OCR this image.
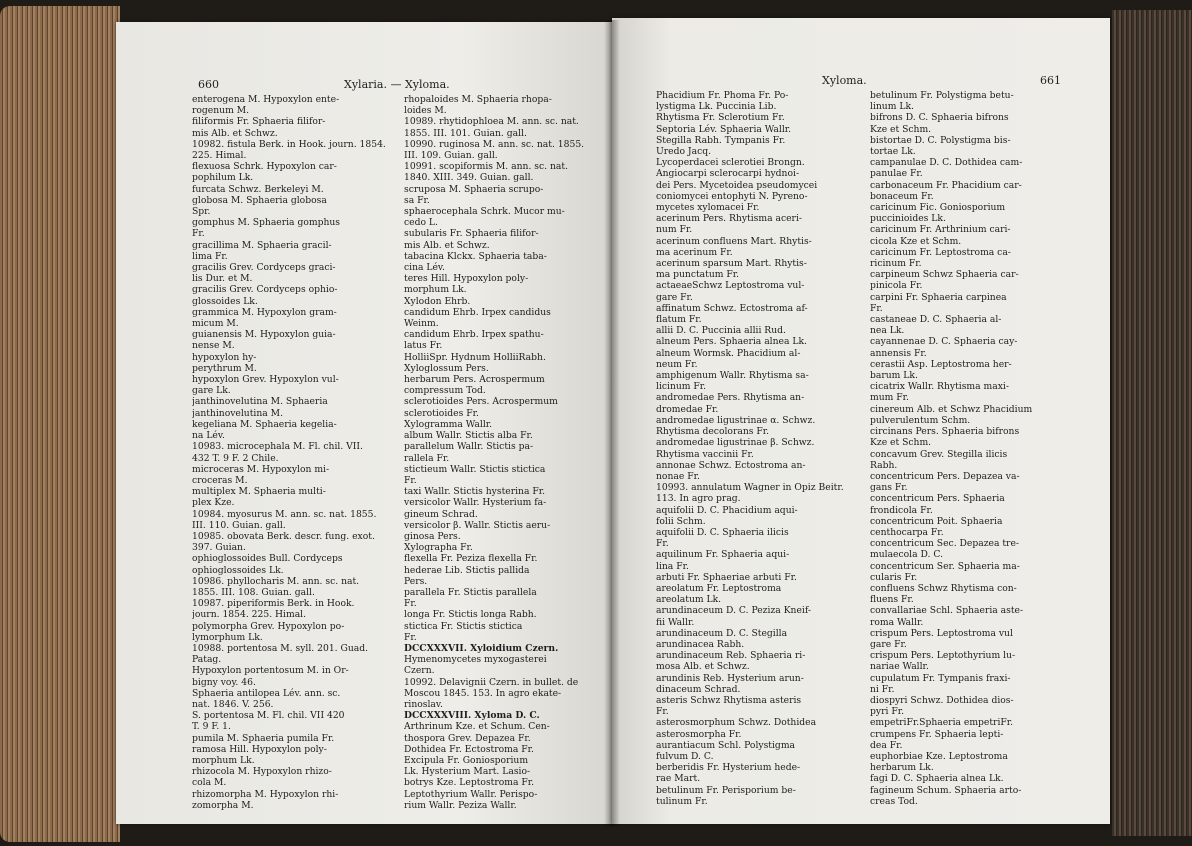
660	Xylaria. — Xyloma.

enterogena M. Hypoxylon ente-

rogenum M.

filiformis Fr. Sphaeria filifor-

mis Alb. et Schwz.

10982. fistula Berk. in Hook. journ. 1854.

225. Himal.

flexuosa Schrk. Hypoxylon car-

pophilum Lk.

furcata Schwz. Berkeleyi M.

globosa M. Sphaeria globosa

Spr.

gomphus M. Sphaeria gomphus

Fr.

gracillima M. Sphaeria gracil-

lima Fr.

gracilis Grev. Cordyceps graci-

lis Dur. et M.

gracilis Grev. Cordyceps ophio-

glossoides Lk.

grammica M. Hypoxylon gram-

micum M.

guianensis M. Hypoxylon guia-

nense M.

hypoxylon hy-

perythrum M.

hypoxylon Grev. Hypoxylon vul-

gare Lk.

janthinovelutina M. Sphaeria

janthinovelutina M.

kegeliana M. Sphaeria kegelia-

na Lév.

10983. microcephala M. Fl. chil. VII.

432 T. 9 F. 2 Chile.

microceras M. Hypoxylon mi-

croceras M.

multiplex M. Sphaeria multi-

plex Kze.

10984. myosurus M. ann. sc. nat. 1855.

III. 110. Guian. gall.

10985. obovata Berk. descr. fung. exot.

397. Guian.

ophioglossoides Bull. Cordyceps

ophioglossoides Lk.

10986. phyllocharis M. ann. sc. nat.

1855. III. 108. Guian. gall.

10987. piperiformis Berk. in Hook.

journ. 1854. 225. Himal.

polymorpha Grev. Hypoxylon po-

lymorphum Lk.

10988. portentosa M. syll. 201. Guad.

Patag.

Hypoxylon portentosum M. in Or-

bigny voy. 46.

Sphaeria antilopea Lév. ann. sc.

nat. 1846. V. 256.

S. portentosa M. Fl. chil. VII 420

T. 9 F. 1.

pumila M. Sphaeria pumila Fr.

ramosa Hill. Hypoxylon poly-

morphum Lk.

rhizocola M. Hypoxylon rhizo-

cola M.

rhizomorpha M. Hypoxylon rhi-

zomorpha M.

rhopaloides M. Sphaeria rhopa-

loides M.

10989. rhytidophloea M. ann. sc. nat.

1855. III. 101. Guian. gall.

10990. ruginosa M. ann. sc. nat. 1855.

III. 109. Guian. gall.

10991. scopiformis M. ann. sc. nat.

1840. XIII. 349. Guian. gall.

scruposa M. Sphaeria scrupo-

sa Fr.

sphaerocephala Schrk. Mucor mu-

cedo L.

subularis Fr. Sphaeria filifor-

mis Alb. et Schwz.

tabacina Klckx. Sphaeria taba-

cina Lév.

teres Hill. Hypoxylon poly-

morphum Lk.

Xylodon Ehrb.

candidum Ehrb. Irpex candidus

Weinm.

candidum Ehrb. Irpex spathu-

latus Fr.

HolliiSpr. Hydnum HolliiRabh.

Xyloglossum Pers.

herbarum Pers. Acrospermum

compressum Tod.

sclerotioides Pers. Acrospermum

sclerotioides Fr.

Xylogramma Wallr.

album Wallr. Stictis alba Fr.

parallelum Wallr. Stictis pa-

rallela Fr.

stictieum Wallr. Stictis stictica

Fr.

taxi Wallr. Stictis hysterina Fr.

versicolor Wallr. Hysterium fa-

gineum Schrad.

versicolor β. Wallr. Stictis aeru-

ginosa Pers.

Xylographa Fr.

flexella Fr. Peziza flexella Fr.

hederae Lib. Stictis pallida

Pers.

parallela Fr. Stictis parallela

Fr.

longa Fr. Stictis longa Rabh.

stictica Fr. Stictis stictica

Fr.

DCCXXXVII. Xyloidium Czern.

Hymenomycetes myxogasterei

Czern.

10992. Delavignii Czern. in bullet. de

Moscou 1845. 153. In agro ekate-

rinoslav.

DCCXXXVIII. Xyloma D. C.

Arthrinum Kze. et Schum. Cen-

thospora Grev. Depazea Fr.

Dothidea Fr. Ectostroma Fr.

Excipula Fr. Goniosporium

Lk. Hysterium Mart. Lasio-

botrys Kze. Leptostroma Fr.

Leptothyrium Wallr. Perispo-

rium Wallr. Peziza Wallr.

Xyloma.	661

Phacidium Fr. Phoma Fr. Po-

lystigma Lk. Puccinia Lib.

Rhytisma Fr. Sclerotium Fr.

Septoria Lév. Sphaeria Wallr.

Stegilla Rabh. Tympanis Fr.

Uredo Jacq.

Lycoperdacei sclerotiei Brongn.

Angiocarpi sclerocarpi hydnoi-

dei Pers. Mycetoidea pseudomycei

coniomycei entophyti N. Pyreno-

mycetes xylomacei Fr.

acerinum Pers. Rhytisma aceri-

num Fr.

acerinum confluens Mart. Rhytis-

ma acerinum Fr.

acerinum sparsum Mart. Rhytis-

ma punctatum Fr.

actaeaeSchwz Leptostroma vul-

gare Fr.

affinatum Schwz. Ectostroma af-

flatum Fr.

allii D. C. Puccinia allii Rud.

alneum Pers. Sphaeria alnea Lk.

alneum Wormsk. Phacidium al-

neum Fr.

amphigenum Wallr. Rhytisma sa-

licinum Fr.

andromedae Pers. Rhytisma an-

dromedae Fr.

andromedae ligustrinae α. Schwz.

Rhytisma decolorans Fr.

andromedae ligustrinae β. Schwz.

Rhytisma vaccinii Fr.

annonae Schwz. Ectostroma an-

nonae Fr.

10993. annulatum Wagner in Opiz Beitr.

113. In agro prag.

aquifolii D. C. Phacidium aqui-

folii Schm.

aquifolii D. C. Sphaeria ilicis

Fr.

aquilinum Fr. Sphaeria aqui-

lina Fr.

arbuti Fr. Sphaeriae arbuti Fr.

areolatum Fr. Leptostroma

areolatum Lk.

arundinaceum D. C. Peziza Kneif-

fii Wallr.

arundinaceum D. C. Stegilla

arundinacea Rabh.

arundinaceum Reb. Sphaeria ri-

mosa Alb. et Schwz.

arundinis Reb. Hysterium arun-

dinaceum Schrad.

asteris Schwz Rhytisma asteris

Fr.

asterosmorphum Schwz. Dothidea

asterosmorpha Fr.

aurantiacum Schl. Polystigma

fulvum D. C.

berberidis Fr. Hysterium hede-

rae Mart.

betulinum Fr. Perisporium be-

tulinum Fr.

betulinum Fr. Polystigma betu-

linum Lk.

bifrons D. C. Sphaeria bifrons

Kze et Schm.

bistortae D. C. Polystigma bis-

tortae Lk.

campanulae D. C. Dothidea cam-

panulae Fr.

carbonaceum Fr. Phacidium car-

bonaceum Fr.

caricinum Fic. Goniosporium

puccinioides Lk.

caricinum Fr. Arthrinium cari-

cicola Kze et Schm.

caricinum Fr. Leptostroma ca-

ricinum Fr.

carpineum Schwz Sphaeria car-

pinicola Fr.

carpini Fr. Sphaeria carpinea

Fr.

castaneae D. C. Sphaeria al-

nea Lk.

cayannenae D. C. Sphaeria cay-

annensis Fr.

cerastii Asp. Leptostroma her-

barum Lk.

cicatrix Wallr. Rhytisma maxi-

mum Fr.

cinereum Alb. et Schwz Phacidium

pulverulentum Schm.

circinans Pers. Sphaeria bifrons

Kze et Schm.

concavum Grev. Stegilla ilicis

Rabh.

concentricum Pers. Depazea va-

gans Fr.

concentricum Pers. Sphaeria

frondicola Fr.

concentricum Poit. Sphaeria

centhocarpa Fr.

concentricum Sec. Depazea tre-

mulaecola D. C.

concentricum Ser. Sphaeria ma-

cularis Fr.

confluens Schwz Rhytisma con-

fluens Fr.

convallariae Schl. Sphaeria aste-

roma Wallr.

crispum Pers. Leptostroma vul

gare Fr.

crispum Pers. Leptothyrium lu-

nariae Wallr.

cupulatum Fr. Tympanis fraxi-

ni Fr.

diospyri Schwz. Dothidea dios-

pyri Fr.

empetriFr.Sphaeria empetriFr.

crumpens Fr. Sphaeria lepti-

dea Fr.

euphorbiae Kze. Leptostroma

herbarum Lk.

fagi D. C. Sphaeria alnea Lk.

fagineum Schum. Sphaeria arto-

creas Tod.
